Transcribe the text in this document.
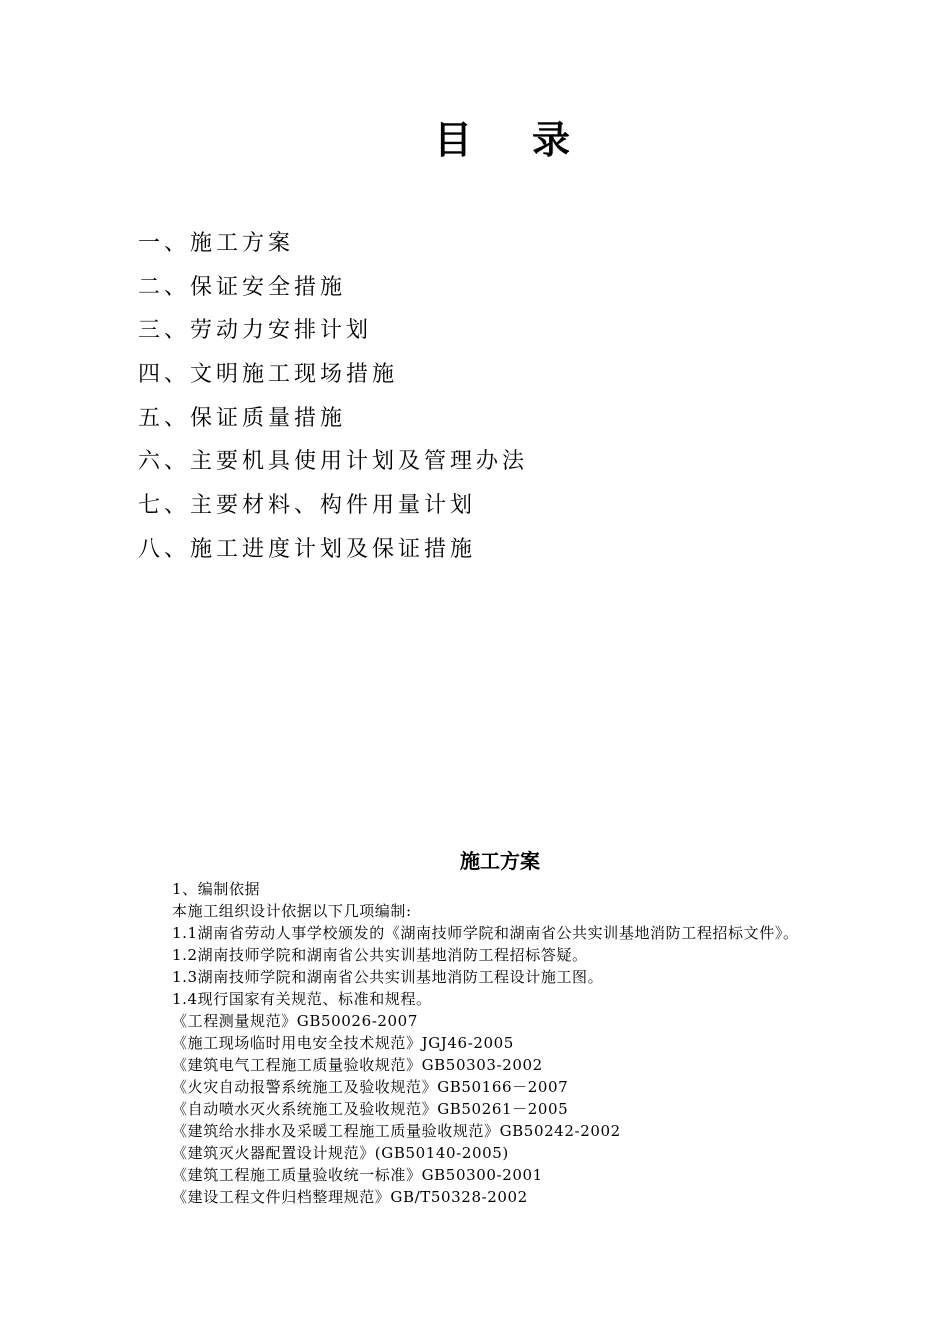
目 录
一、施工方案
二、保证安全措施
三、劳动力安排计划
四、文明施工现场措施
五、保证质量措施
六、主要机具使用计划及管理办法
七、主要材料、构件用量计划
八、施工进度计划及保证措施
施工方案

1、编制依据

本施工组织设计依据以下几项编制:

1.1湖南省劳动人事学校颁发的《湖南技师学院和湖南省公共实训基地消防工程招标文件》。

1.2湖南技师学院和湖南省公共实训基地消防工程招标答疑。

1.3湖南技师学院和湖南省公共实训基地消防工程设计施工图。

1.4现行国家有关规范、标准和规程。

《工程测量规范》GB50026-2007

《施工现场临时用电安全技术规范》JGJ46-2005

《建筑电气工程施工质量验收规范》GB50303-2002

《火灾自动报警系统施工及验收规范》GB50166－2007

《自动喷水灭火系统施工及验收规范》GB50261－2005

《建筑给水排水及采暖工程施工质量验收规范》GB50242-2002

《建筑灭火器配置设计规范》(GB50140-2005)

《建筑工程施工质量验收统一标准》GB50300-2001

《建设工程文件归档整理规范》GB/T50328-2002
